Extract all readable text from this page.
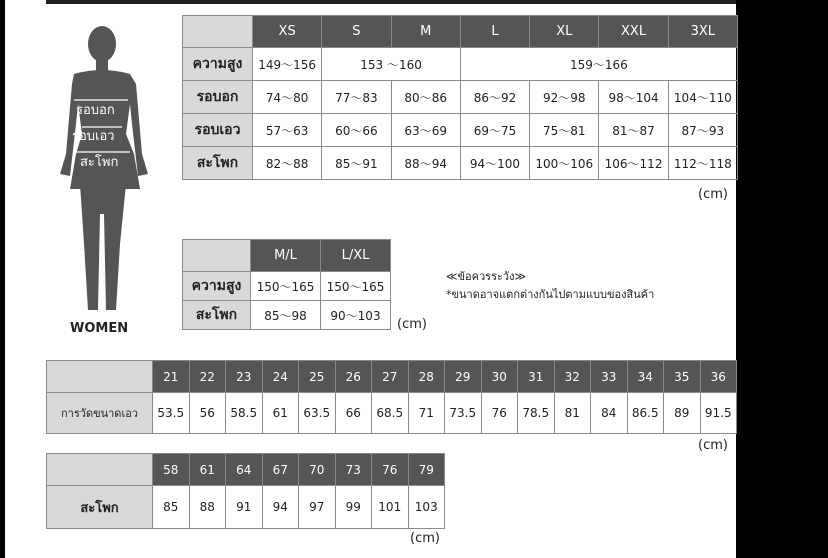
รอบอก
รอบเอว
สะโพก
WOMEN
	XS	S	M	L	XL	XXL	3XL
ความสูง	149〜156	153 〜160		159〜166			
รอบอก	74〜80	77〜83	80〜86	86〜92	92〜98	98〜104	104〜110
รอบเอว	57〜63	60〜66	63〜69	69〜75	75〜81	81〜87	87〜93
สะโพก	82〜88	85〜91	88〜94	94〜100	100〜106	106〜112	112〜118
(cm)
	M/L	L/XL
ความสูง	150〜165	150〜165
สะโพก	85〜98	90〜103
(cm)
≪ข้อควรระวัง≫
*ขนาดอาจแตกต่างกันไปตามแบบของสินค้า
	21	22	23	24	25	26	27	28	29	30	31	32	33	34	35	36
การวัดขนาดเอว	53.5	56	58.5	61	63.5	66	68.5	71	73.5	76	78.5	81	84	86.5	89	91.5
(cm)
	58	61	64	67	70	73	76	79
สะโพก	85	88	91	94	97	99	101	103
(cm)
